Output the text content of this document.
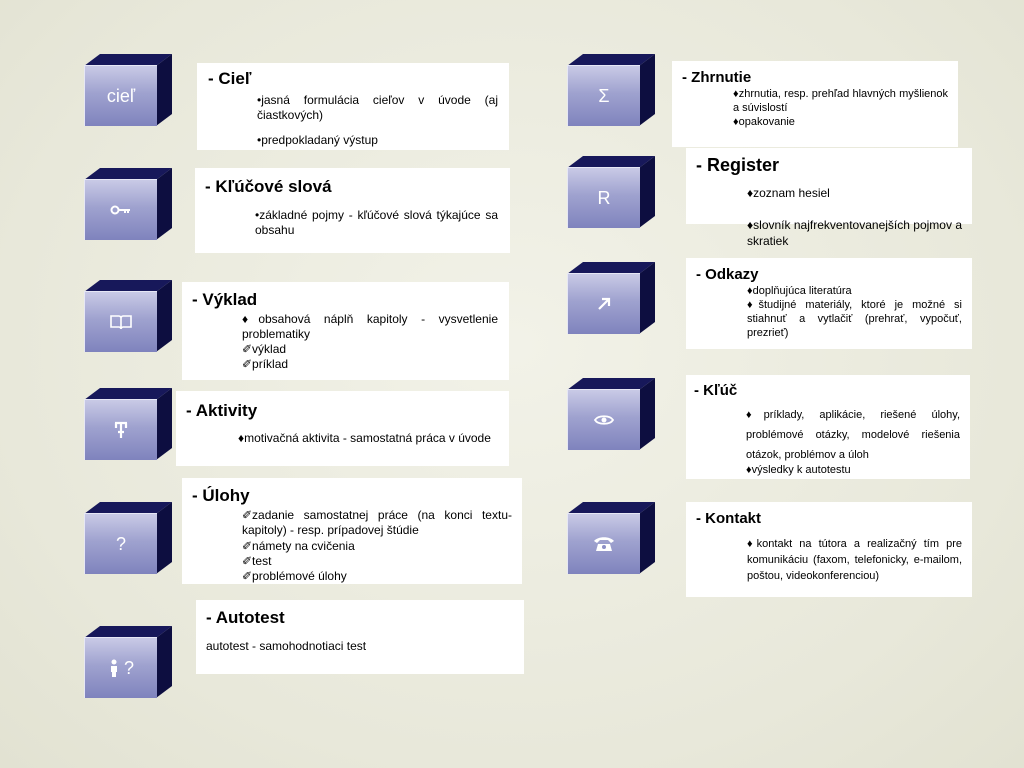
cieľ
- Cieľ
•jasná formulácia cieľov v úvode (aj čiastkových)
•predpokladaný výstup
- Kľúčové slová
•základné pojmy - kľúčové slová týkajúce sa obsahu
- Výklad
♦obsahová náplň kapitoly - vysvetlenie problematiky
✐výklad
✐príklad
- Aktivity
♦motivačná aktivita - samostatná práca v úvode
?
- Úlohy
✐zadanie samostatnej práce (na konci textu-kapitoly) - resp. prípadovej štúdie
✐námety na cvičenia
✐test
✐problémové úlohy
?
- Autotest
autotest - samohodnotiaci test
Σ
- Zhrnutie
♦zhrnutia, resp. prehľad hlavných myšlienok a súvislostí
♦opakovanie
R
- Register
♦zoznam hesiel
♦slovník najfrekventovanejších pojmov a skratiek
- Odkazy
♦doplňujúca literatúra
♦študijné materiály, ktoré je možné si stiahnuť a vytlačiť (prehrať, vypočuť, prezrieť)
- Kľúč
♦príklady, aplikácie, riešené úlohy, problémové otázky, modelové riešenia otázok, problémov a úloh
♦výsledky k autotestu
- Kontakt
♦kontakt na tútora a realizačný tím pre komunikáciu (faxom, telefonicky, e-mailom, poštou, videokonferenciou)
